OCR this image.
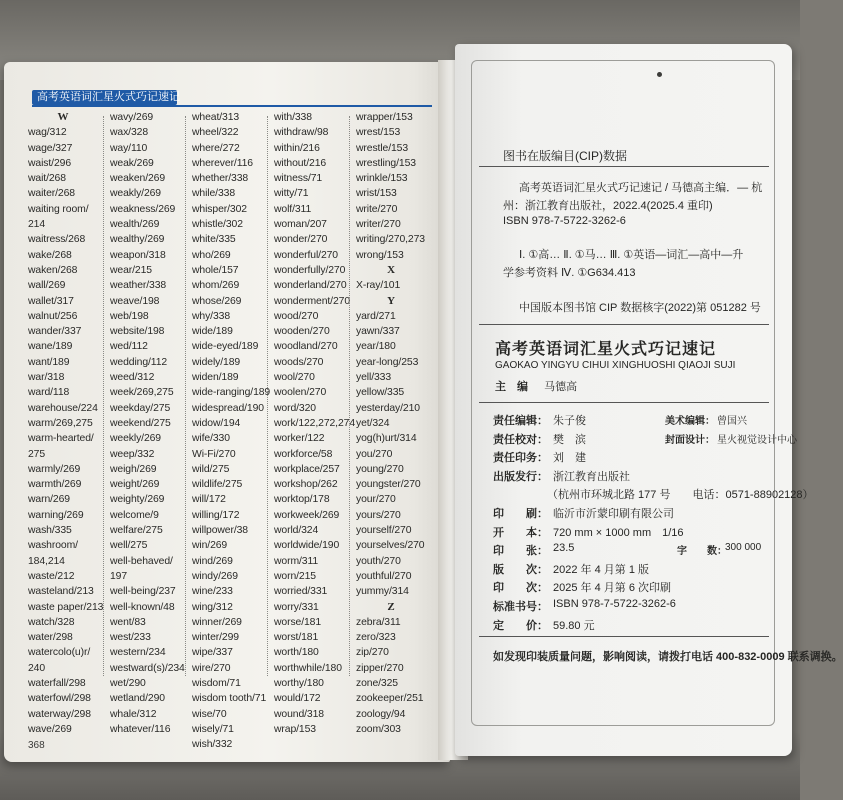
高考英语词汇星火式巧记速记
W
wag/312
wage/327
waist/296
wait/268
waiter/268
waiting room/
214
waitress/268
wake/268
waken/268
wall/269
wallet/317
walnut/256
wander/337
wane/189
want/189
war/318
ward/118
warehouse/224
warm/269,275
warm-hearted/
275
warmly/269
warmth/269
warn/269
warning/269
wash/335
washroom/
184,214
waste/212
wasteland/213
waste paper/213
watch/328
water/298
watercolo(u)r/
240
waterfall/298
waterfowl/298
waterway/298
wave/269
wavy/269
wax/328
way/110
weak/269
weaken/269
weakly/269
weakness/269
wealth/269
wealthy/269
weapon/318
wear/215
weather/338
weave/198
web/198
website/198
wed/112
wedding/112
weed/312
week/269,275
weekday/275
weekend/275
weekly/269
weep/332
weigh/269
weight/269
weighty/269
welcome/9
welfare/275
well/275
well-behaved/
197
well-being/237
well-known/48
went/83
west/233
western/234
westward(s)/234
wet/290
wetland/290
whale/312
whatever/116
wheat/313
wheel/322
where/272
wherever/116
whether/338
while/338
whisper/302
whistle/302
white/335
who/269
whole/157
whom/269
whose/269
why/338
wide/189
wide-eyed/189
widely/189
widen/189
wide-ranging/189
widespread/190
widow/194
wife/330
Wi-Fi/270
wild/275
wildlife/275
will/172
willing/172
willpower/38
win/269
wind/269
windy/269
wine/233
wing/312
winner/269
winter/299
wipe/337
wire/270
wisdom/71
wisdom tooth/71
wise/70
wisely/71
wish/332
with/338
withdraw/98
within/216
without/216
witness/71
witty/71
wolf/311
woman/207
wonder/270
wonderful/270
wonderfully/270
wonderland/270
wonderment/270
wood/270
wooden/270
woodland/270
woods/270
wool/270
woolen/270
word/320
work/122,272,274
worker/122
workforce/58
workplace/257
workshop/262
worktop/178
workweek/269
world/324
worldwide/190
worm/311
worn/215
worried/331
worry/331
worse/181
worst/181
worth/180
worthwhile/180
worthy/180
would/172
wound/318
wrap/153
wrapper/153
wrest/153
wrestle/153
wrestling/153
wrinkle/153
wrist/153
write/270
writer/270
writing/270,273
wrong/153
X
X-ray/101
Y
yard/271
yawn/337
year/180
year-long/253
yell/333
yellow/335
yesterday/210
yet/324
yog(h)urt/314
you/270
young/270
youngster/270
your/270
yours/270
yourself/270
yourselves/270
youth/270
youthful/270
yummy/314
Z
zebra/311
zero/323
zip/270
zipper/270
zone/325
zookeeper/251
zoology/94
zoom/303
368
图书在版编目(CIP)数据
高考英语词汇星火式巧记速记 / 马德高主编．— 杭
州：浙江教育出版社，2022.4(2025.4 重印)
ISBN 978-7-5722-3262-6
Ⅰ. ①高… Ⅱ. ①马… Ⅲ. ①英语—词汇—高中—升
学参考资料 Ⅳ. ①G634.413
中国版本图书馆 CIP 数据核字(2022)第 051282 号
高考英语词汇星火式巧记速记
GAOKAO YINGYU CIHUI XINGHUOSHI QIAOJI SUJI
主　编 马德高
责任编辑： 朱子俊	美术编辑： 曾国兴
责任校对： 樊　滨	封面设计： 星火视觉设计中心
责任印务： 刘　建
出版发行： 浙江教育出版社
（杭州市环城北路 177 号　　电话：0571-88902128）
印　　刷： 临沂市沂蒙印刷有限公司
开　　本： 720 mm × 1000 mm　1/16
印　　张： 23.5	字　　数：
300 000
版　　次： 2022 年 4 月第 1 版
印　　次： 2025 年 4 月第 6 次印刷
标准书号： ISBN 978-7-5722-3262-6
定　　价： 59.80 元
如发现印装质量问题，影响阅读，请拨打电话 400-832-0009 联系调换。
